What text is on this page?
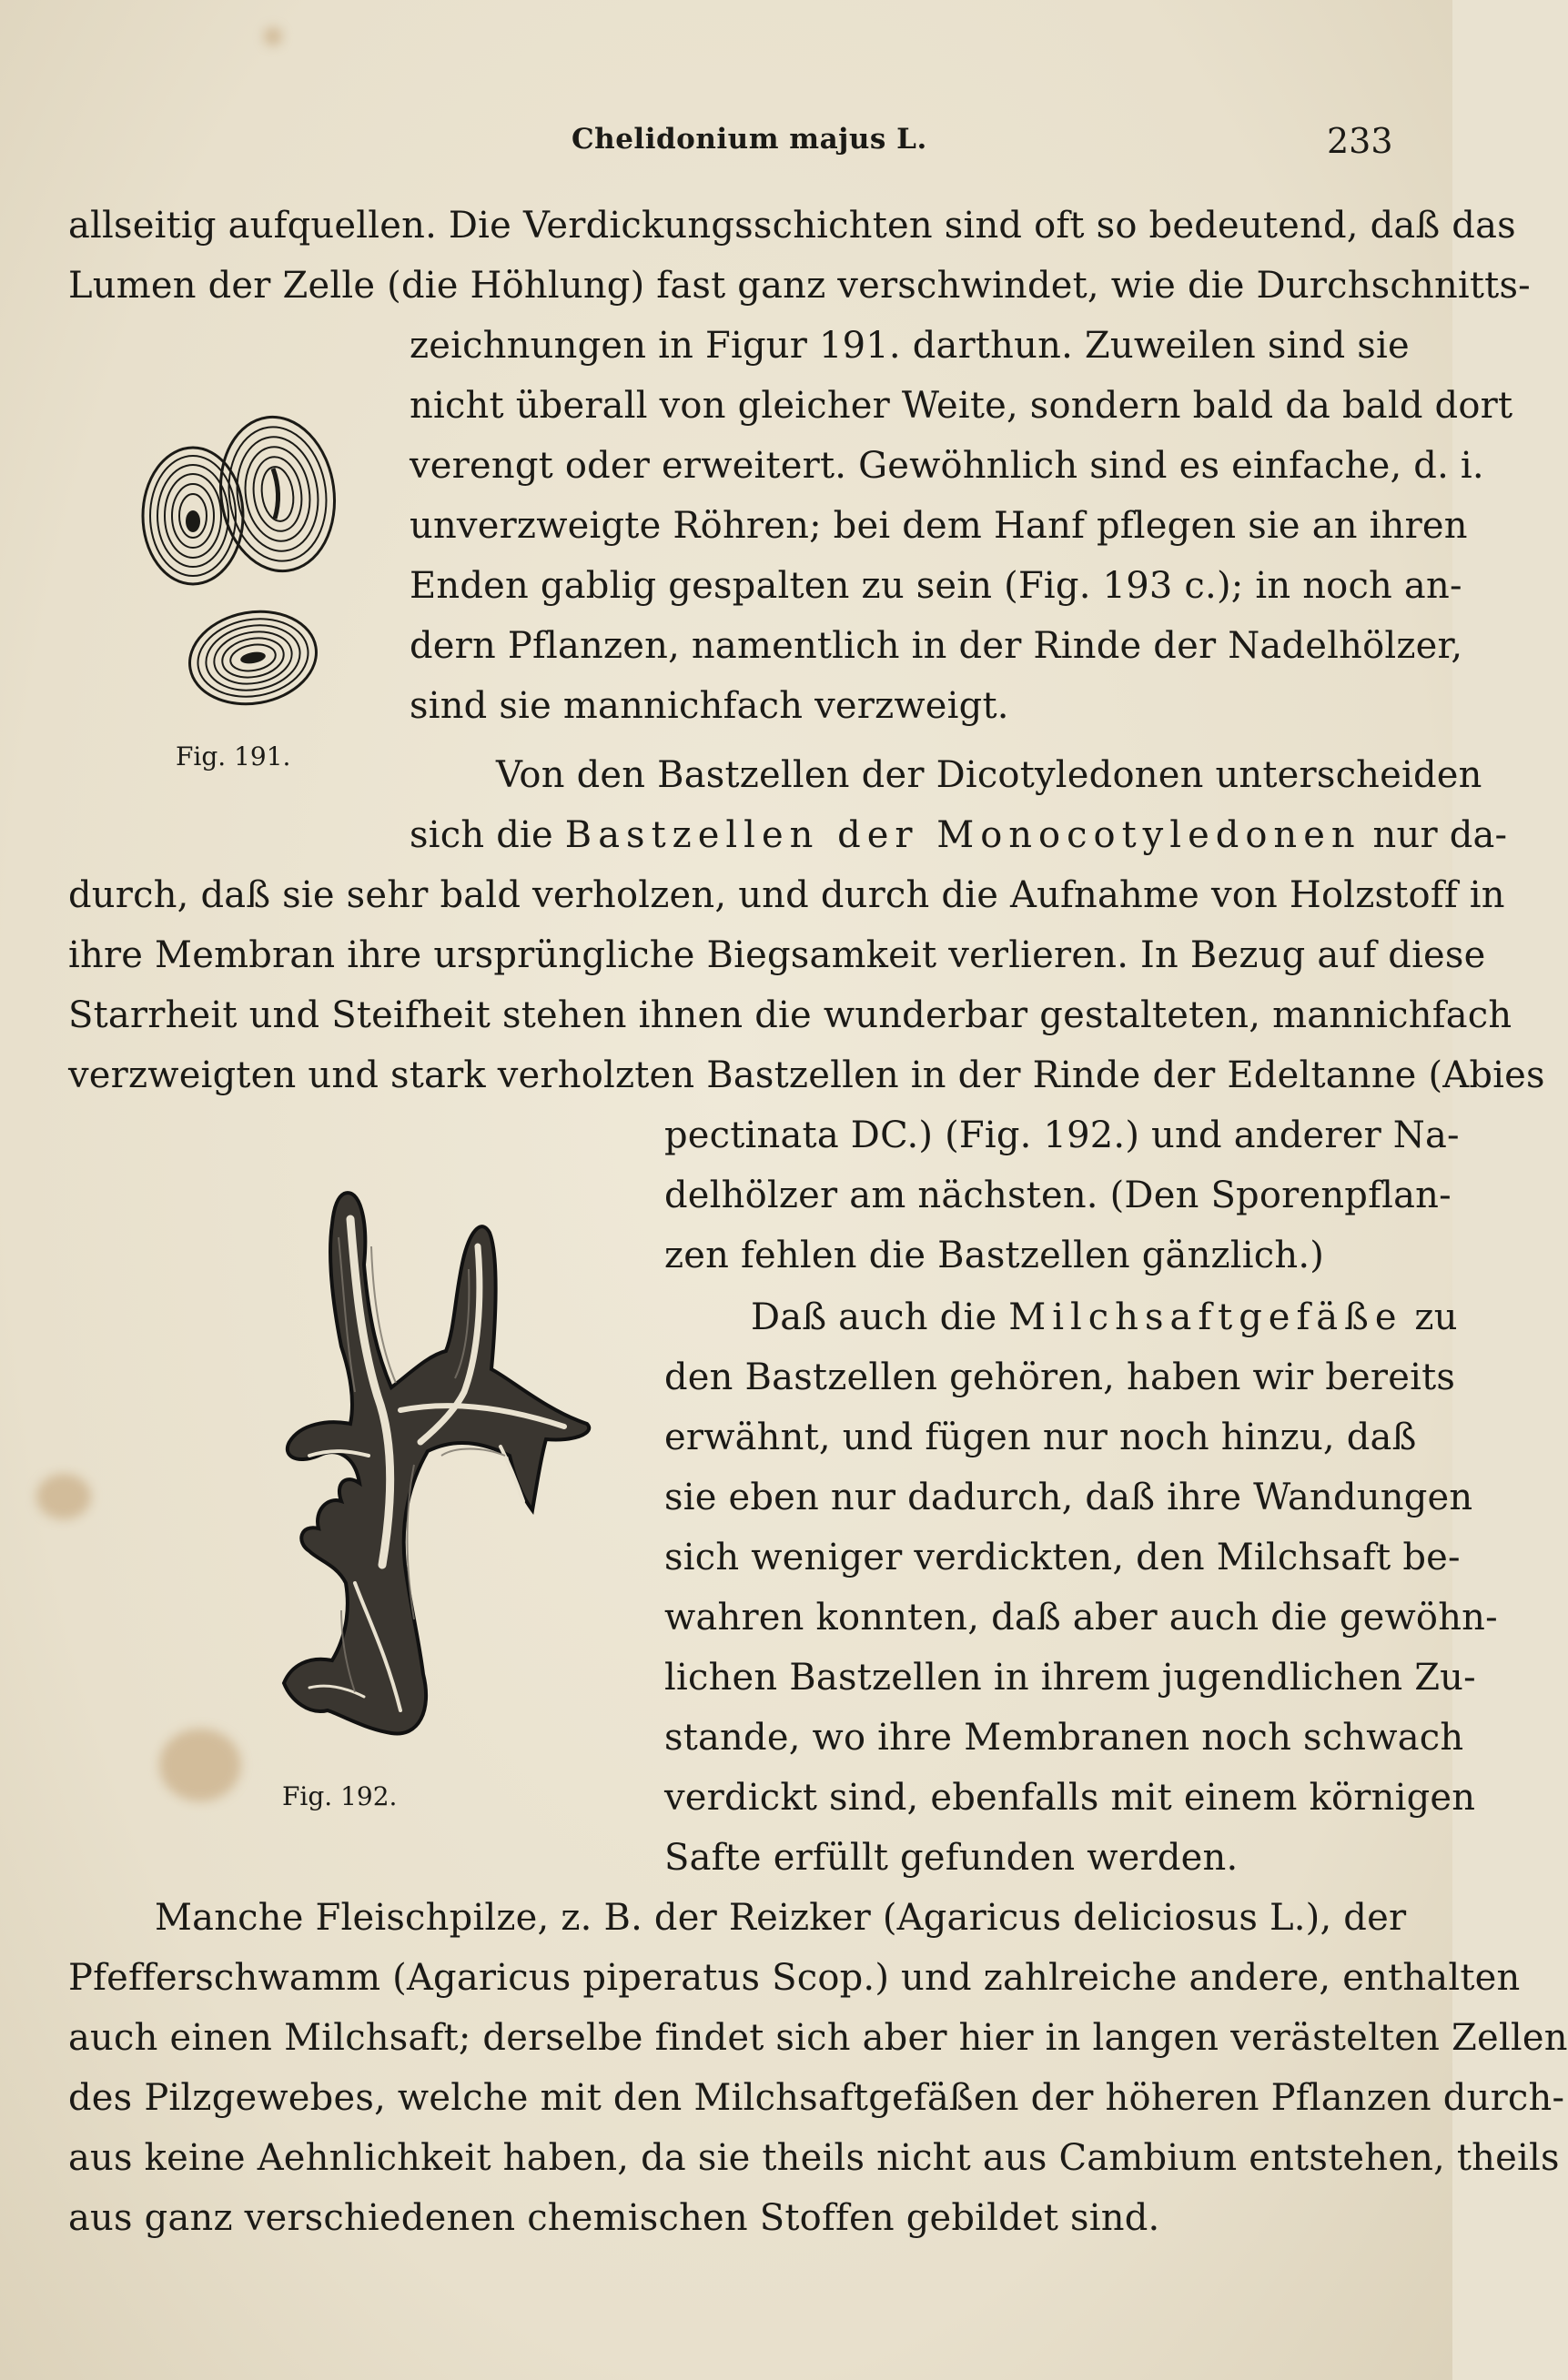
Chelidonium majus L.	233
allseitig aufquellen. Die Verdickungsschichten sind oft so bedeutend, daß das
Lumen der Zelle (die Höhlung) fast ganz verschwindet, wie die Durchschnitts-
zeichnungen in Figur 191. darthun. Zuweilen sind sie
nicht überall von gleicher Weite, sondern bald da bald dort
verengt oder erweitert. Gewöhnlich sind es einfache, d. i.
unverzweigte Röhren; bei dem Hanf pflegen sie an ihren
Enden gablig gespalten zu sein (Fig. 193 c.); in noch an-
dern Pflanzen, namentlich in der Rinde der Nadelhölzer,
sind sie mannichfach verzweigt.
Von den Bastzellen der Dicotyledonen unterscheiden
sich die Bastzellen der Monocotyledonen nur da-
durch, daß sie sehr bald verholzen, und durch die Aufnahme von Holzstoff in
ihre Membran ihre ursprüngliche Biegsamkeit verlieren. In Bezug auf diese
Starrheit und Steifheit stehen ihnen die wunderbar gestalteten, mannichfach
verzweigten und stark verholzten Bastzellen in der Rinde der Edeltanne (Abies
pectinata DC.) (Fig. 192.) und anderer Na-
delhölzer am nächsten. (Den Sporenpflan-
zen fehlen die Bastzellen gänzlich.)
Daß auch die Milchsaftgefäße zu
den Bastzellen gehören, haben wir bereits
erwähnt, und fügen nur noch hinzu, daß
sie eben nur dadurch, daß ihre Wandungen
sich weniger verdickten, den Milchsaft be-
wahren konnten, daß aber auch die gewöhn-
lichen Bastzellen in ihrem jugendlichen Zu-
stande, wo ihre Membranen noch schwach
verdickt sind, ebenfalls mit einem körnigen
Safte erfüllt gefunden werden.
Manche Fleischpilze, z. B. der Reizker (Agaricus deliciosus L.), der
Pfefferschwamm (Agaricus piperatus Scop.) und zahlreiche andere, enthalten
auch einen Milchsaft; derselbe findet sich aber hier in langen verästelten Zellen
des Pilzgewebes, welche mit den Milchsaftgefäßen der höheren Pflanzen durch-
aus keine Aehnlichkeit haben, da sie theils nicht aus Cambium entstehen, theils
aus ganz verschiedenen chemischen Stoffen gebildet sind.
Fig. 191.
Fig. 192.
